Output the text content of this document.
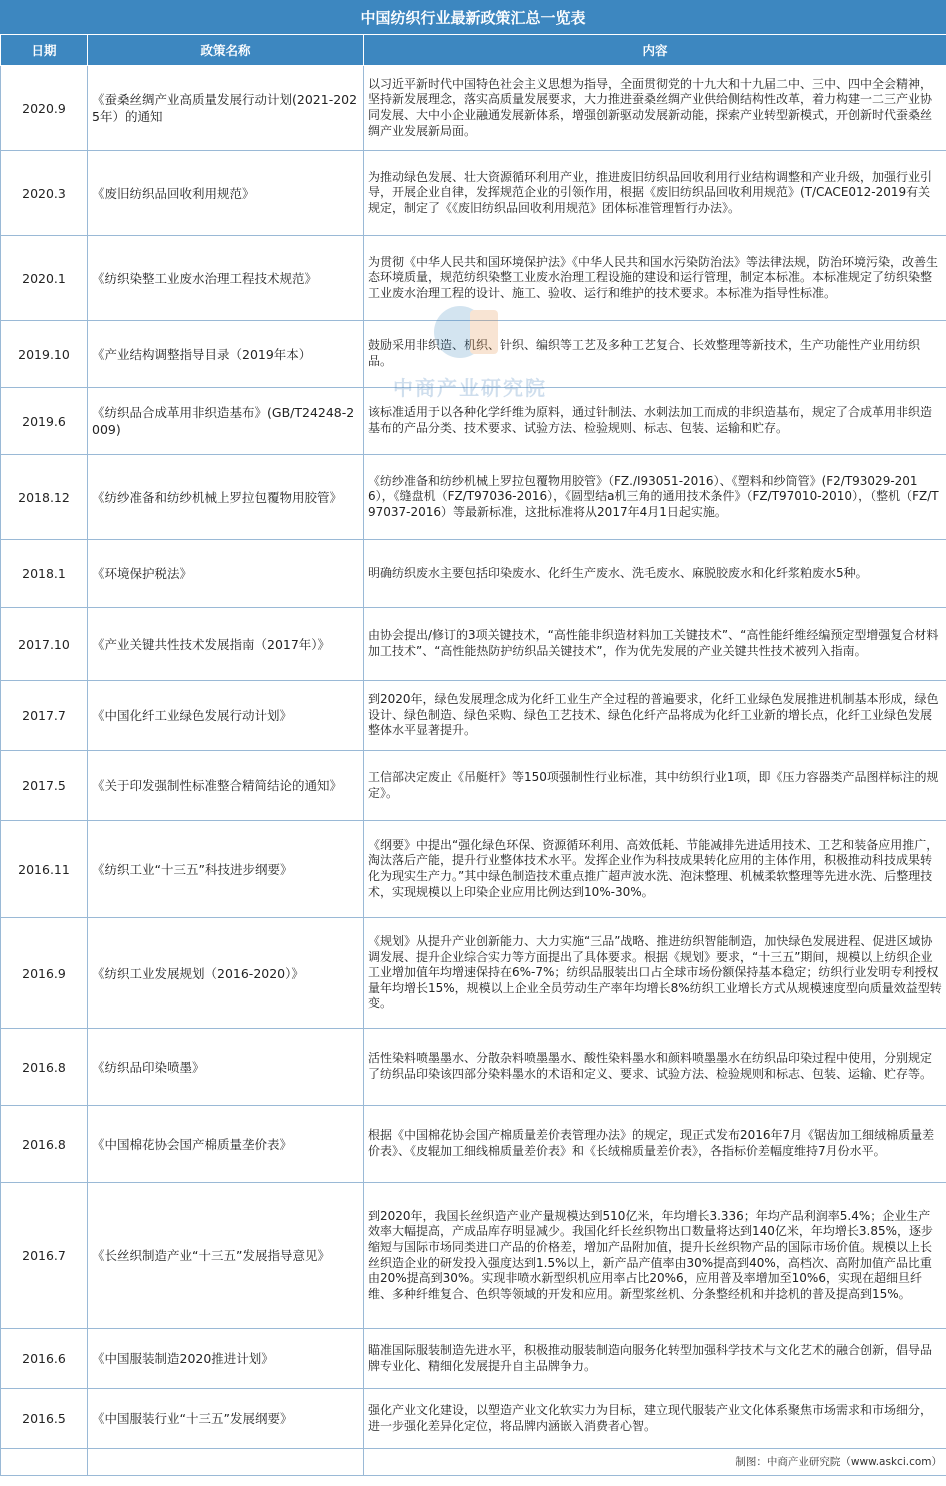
中国纺织行业最新政策汇总一览表
日期	政策名称	内容
2020.9	《蚕桑丝绸产业高质量发展行动计划(2021-2025年）的通知	以习近平新时代中国特色社会主义思想为指导，全面贯彻党的十九大和十九届二中、三中、四中全会精神，坚持新发展理念，落实高质量发展要求，大力推进蚕桑丝绸产业供给侧结构性改革，着力构建一二三产业协同发展、大中小企业融通发展新体系，增强创新驱动发展新动能，探索产业转型新模式，开创新时代蚕桑丝绸产业发展新局面。
2020.3	《废旧纺织品回收利用规范》	为推动绿色发展、壮大资源循环利用产业，推进废旧纺织品回收利用行业结构调整和产业升级，加强行业引导，开展企业自律，发挥规范企业的引领作用，根据《废旧纺织品回收利用规范》(T/CACE012-2019有关规定，制定了《《废旧纺织品回收利用规范》团体标准管理暂行办法》。
2020.1	《纺织染整工业废水治理工程技术规范》	为贯彻《中华人民共和国环境保护法》《中华人民共和国水污染防治法》等法律法规，防治环境污染，改善生态环境质量，规范纺织染整工业废水治理工程设施的建设和运行管理，制定本标准。本标准规定了纺织染整工业废水治理工程的设计、施工、验收、运行和维护的技术要求。本标准为指导性标准。
2019.10	《产业结构调整指导目录（2019年本）	鼓励采用非织造、机织、针织、编织等工艺及多种工艺复合、长效整理等新技术，生产功能性产业用纺织品。
2019.6	《纺织品合成革用非织造基布》(GB/T24248-2009)	该标准适用于以各种化学纤维为原料，通过针制法、水刺法加工而成的非织造基布，规定了合成革用非织造基布的产品分类、技术要求、试验方法、检验规则、标志、包装、运输和贮存。
2018.12	《纺纱准备和纺纱机械上罗拉包覆物用胶管》	《纺纱准备和纺纱机械上罗拉包覆物用胶管》（FZ./I93051-2016）、《塑料和纱筒管》(F2/T93029-2016），《缝盘机（FZ/T97036-2016），《圆型结a机三角的通用技术条件》（FZ/T97010-2010），（整机（FZ/T97037-2016）等最新标准，这批标准将从2017年4月1日起实施。
2018.1	《环境保护税法》	明确纺织废水主要包括印染废水、化纤生产废水、洗毛废水、麻脱胶废水和化纤浆粕废水5种。
2017.10	《产业关键共性技术发展指南（2017年）》	由协会提出/修订的3项关键技术，“高性能非织造材料加工关键技术”、“高性能纤维经编预定型增强复合材料加工技术”、“高性能热防护纺织品关键技术”，作为优先发展的产业关键共性技术被列入指南。
2017.7	《中国化纤工业绿色发展行动计划》	到2020年，绿色发展理念成为化纤工业生产全过程的普遍要求，化纤工业绿色发展推进机制基本形成，绿色设计、绿色制造、绿色采购、绿色工艺技术、绿色化纤产品将成为化纤工业新的增长点，化纤工业绿色发展整体水平显著提升。
2017.5	《关于印发强制性标准整合精简结论的通知》	工信部决定废止《吊艇杆》等150项强制性行业标准，其中纺织行业1项，即《压力容器类产品图样标注的规定》。
2016.11	《纺织工业“十三五”科技进步纲要》	《纲要》中提出“强化绿色环保、资源循环利用、高效低耗、节能减排先进适用技术、工艺和装备应用推广，淘汰落后产能，提升行业整体技术水平。发挥企业作为科技成果转化应用的主体作用，积极推动科技成果转化为现实生产力。”其中绿色制造技术重点推广超声波水洗、泡沫整理、机械柔软整理等先进水洗、后整理技术，实现规模以上印染企业应用比例达到10%-30%。
2016.9	《纺织工业发展规划（2016-2020）》	《规划》从提升产业创新能力、大力实施“三品”战略、推进纺织智能制造，加快绿色发展进程、促进区域协调发展、提升企业综合实力等方面提出了具体要求。根据《规划》要求，“十三五”期间，规模以上纺织企业工业增加值年均增速保持在6%-7%；纺织品服装出口占全球市场份额保持基本稳定；纺织行业发明专利授权量年均增长15%，规模以上企业全员劳动生产率年均增长8%纺织工业增长方式从规模速度型向质量效益型转变。
2016.8	《纺织品印染喷墨》	活性染料喷墨墨水、分散杂料喷墨墨水、酸性染料墨水和颜料喷墨墨水在纺织品印染过程中使用，分别规定了纺织品印染该四部分染料墨水的术语和定义、要求、试验方法、检验规则和标志、包装、运输、贮存等。
2016.8	《中国棉花协会国产棉质量垄价表》	根据《中国棉花协会国产棉质量差价表管理办法》的规定，现正式发布2016年7月《锯齿加工细绒棉质量差价表》、《皮辊加工细线棉质量差价表》和《长绒棉质量差价表》，各指标价差幅度维持7月份水平。
2016.7	《长丝织制造产业“十三五”发展指导意见》	到2020年，我国长丝织造产业产量规模达到510亿米，年均增长3.336；年均产品利润率5.4%；企业生产效率大幅提高，产成品库存明显减少。我国化纤长丝织物出口数量将达到140亿米，年均增长3.85%，逐步缩短与国际市场同类进口产品的价格差，增加产品附加值，提升长丝织物产品的国际市场价值。规模以上长丝织造企业的研发投入强度达到1.5%以上，新产品产值率由30%提高到40%，高档次、高附加值产品比重由20%提高到30%。实现非喷水新型织机应用率占比20%6，应用普及率增加至10%6，实现在超细旦纤维、多种纤维复合、色织等领域的开发和应用。新型浆丝机、分条整经机和并捻机的普及提高到15%。
2016.6	《中国服装制造2020推进计划》	瞄准国际服装制造先进水平，积极推动服装制造向服务化转型加强科学技术与文化艺术的融合创新，倡导品牌专业化、精细化发展提升自主品牌争力。
2016.5	《中国服装行业“十三五”发展纲要》	强化产业文化建设，以塑造产业文化软实力为目标，建立现代服装产业文化体系聚焦市场需求和市场细分，进一步强化差异化定位，将品牌内涵嵌入消费者心智。
		制图：中商产业研究院（www.askci.com）
中商产业研究院
